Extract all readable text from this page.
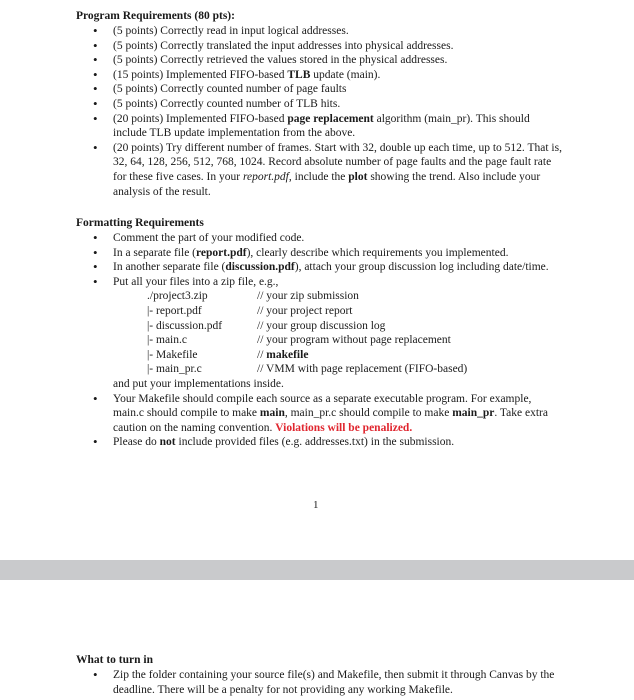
Program Requirements (80 pts):
• (5 points) Correctly read in input logical addresses.
• (5 points) Correctly translated the input addresses into physical addresses.
• (5 points) Correctly retrieved the values stored in the physical addresses.
• (15 points) Implemented FIFO-based TLB update (main).
• (5 points) Correctly counted number of page faults
• (5 points) Correctly counted number of TLB hits.
• (20 points) Implemented FIFO-based page replacement algorithm (main_pr). This should include TLB update implementation from the above.
• (20 points) Try different number of frames. Start with 32, double up each time, up to 512. That is, 32, 64, 128, 256, 512, 768, 1024. Record absolute number of page faults and the page fault rate for these five cases. In your report.pdf, include the plot showing the trend. Also include your analysis of the result.
Formatting Requirements
• Comment the part of your modified code.
• In a separate file (report.pdf), clearly describe which requirements you implemented.
• In another separate file (discussion.pdf), attach your group discussion log including date/time.
• Put all your files into a zip file, e.g.,
./project3.zip	// your zip submission
|- report.pdf	// your project report
|- discussion.pdf	// your group discussion log
|- main.c	// your program without page replacement
|- Makefile	// makefile
|- main_pr.c	// VMM with page replacement (FIFO-based)
and put your implementations inside.
• Your Makefile should compile each source as a separate executable program. For example, main.c should compile to make main, main_pr.c should compile to make main_pr. Take extra caution on the naming convention. Violations will be penalized.
• Please do not include provided files (e.g. addresses.txt) in the submission.
1
What to turn in
• Zip the folder containing your source file(s) and Makefile, then submit it through Canvas by the deadline. There will be a penalty for not providing any working Makefile.
